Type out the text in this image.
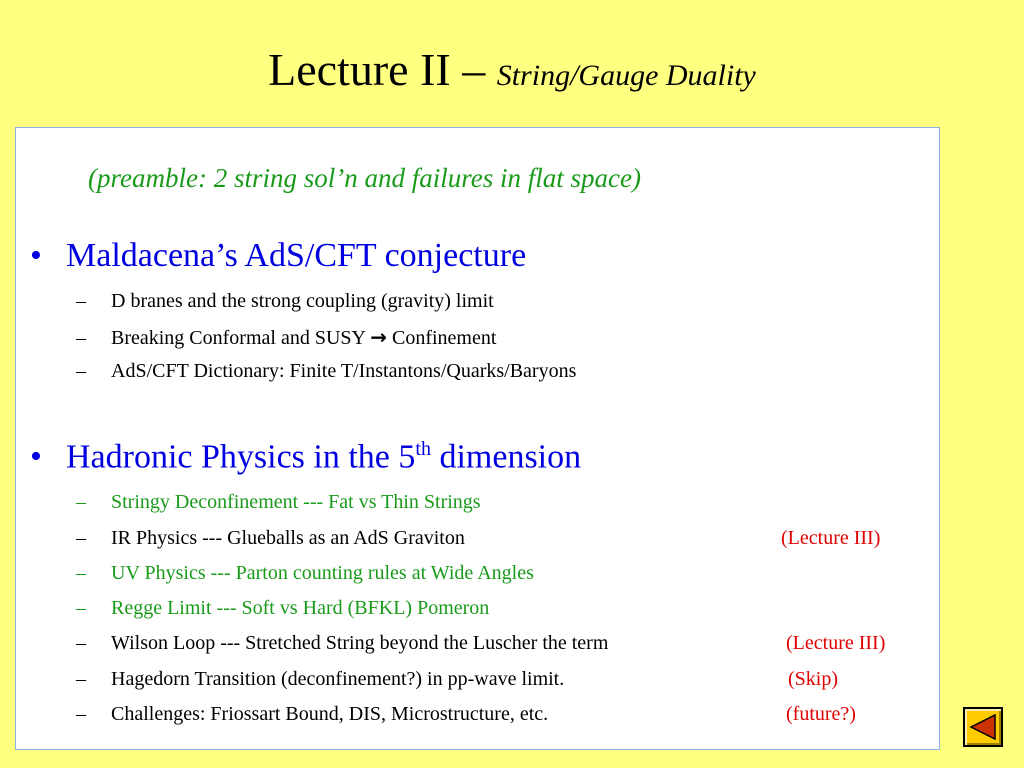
Lecture II – String/Gauge Duality
(preamble: 2 string sol’n and failures in flat space)
• Maldacena’s AdS/CFT conjecture
– D branes and the strong coupling (gravity) limit
– Breaking Conformal and SUSY → Confinement
– AdS/CFT Dictionary: Finite T/Instantons/Quarks/Baryons
• Hadronic Physics in the 5th dimension
– Stringy Deconfinement --- Fat vs Thin Strings
– IR Physics --- Glueballs as an AdS Graviton	(Lecture III)
– UV Physics --- Parton counting rules at Wide Angles
– Regge Limit --- Soft vs Hard (BFKL) Pomeron
– Wilson Loop --- Stretched String beyond the Luscher the term	(Lecture III)
– Hagedorn Transition (deconfinement?) in pp-wave limit.	(Skip)
– Challenges: Friossart Bound, DIS, Microstructure, etc.	(future?)
